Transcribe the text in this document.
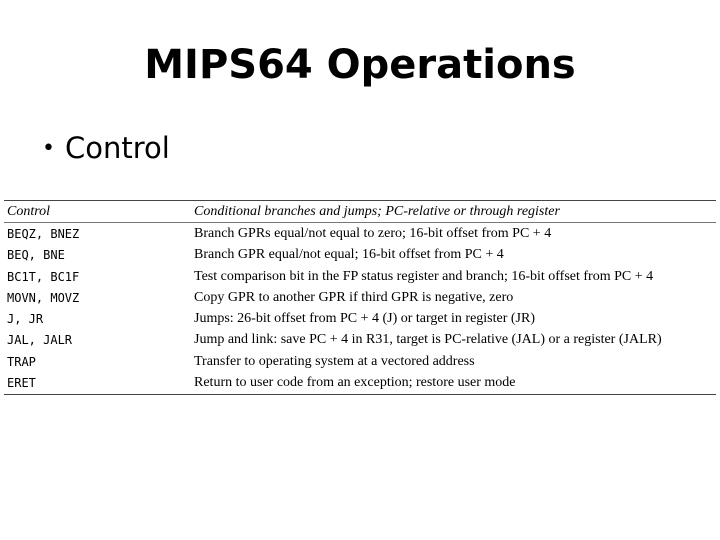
MIPS64 Operations
• Control
Control	Conditional branches and jumps; PC-relative or through register
BEQZ, BNEZ	Branch GPRs equal/not equal to zero; 16-bit offset from PC + 4
BEQ, BNE	Branch GPR equal/not equal; 16-bit offset from PC + 4
BC1T, BC1F	Test comparison bit in the FP status register and branch; 16-bit offset from PC + 4
MOVN, MOVZ	Copy GPR to another GPR if third GPR is negative, zero
J, JR	Jumps: 26-bit offset from PC + 4 (J) or target in register (JR)
JAL, JALR	Jump and link: save PC + 4 in R31, target is PC-relative (JAL) or a register (JALR)
TRAP	Transfer to operating system at a vectored address
ERET	Return to user code from an exception; restore user mode
